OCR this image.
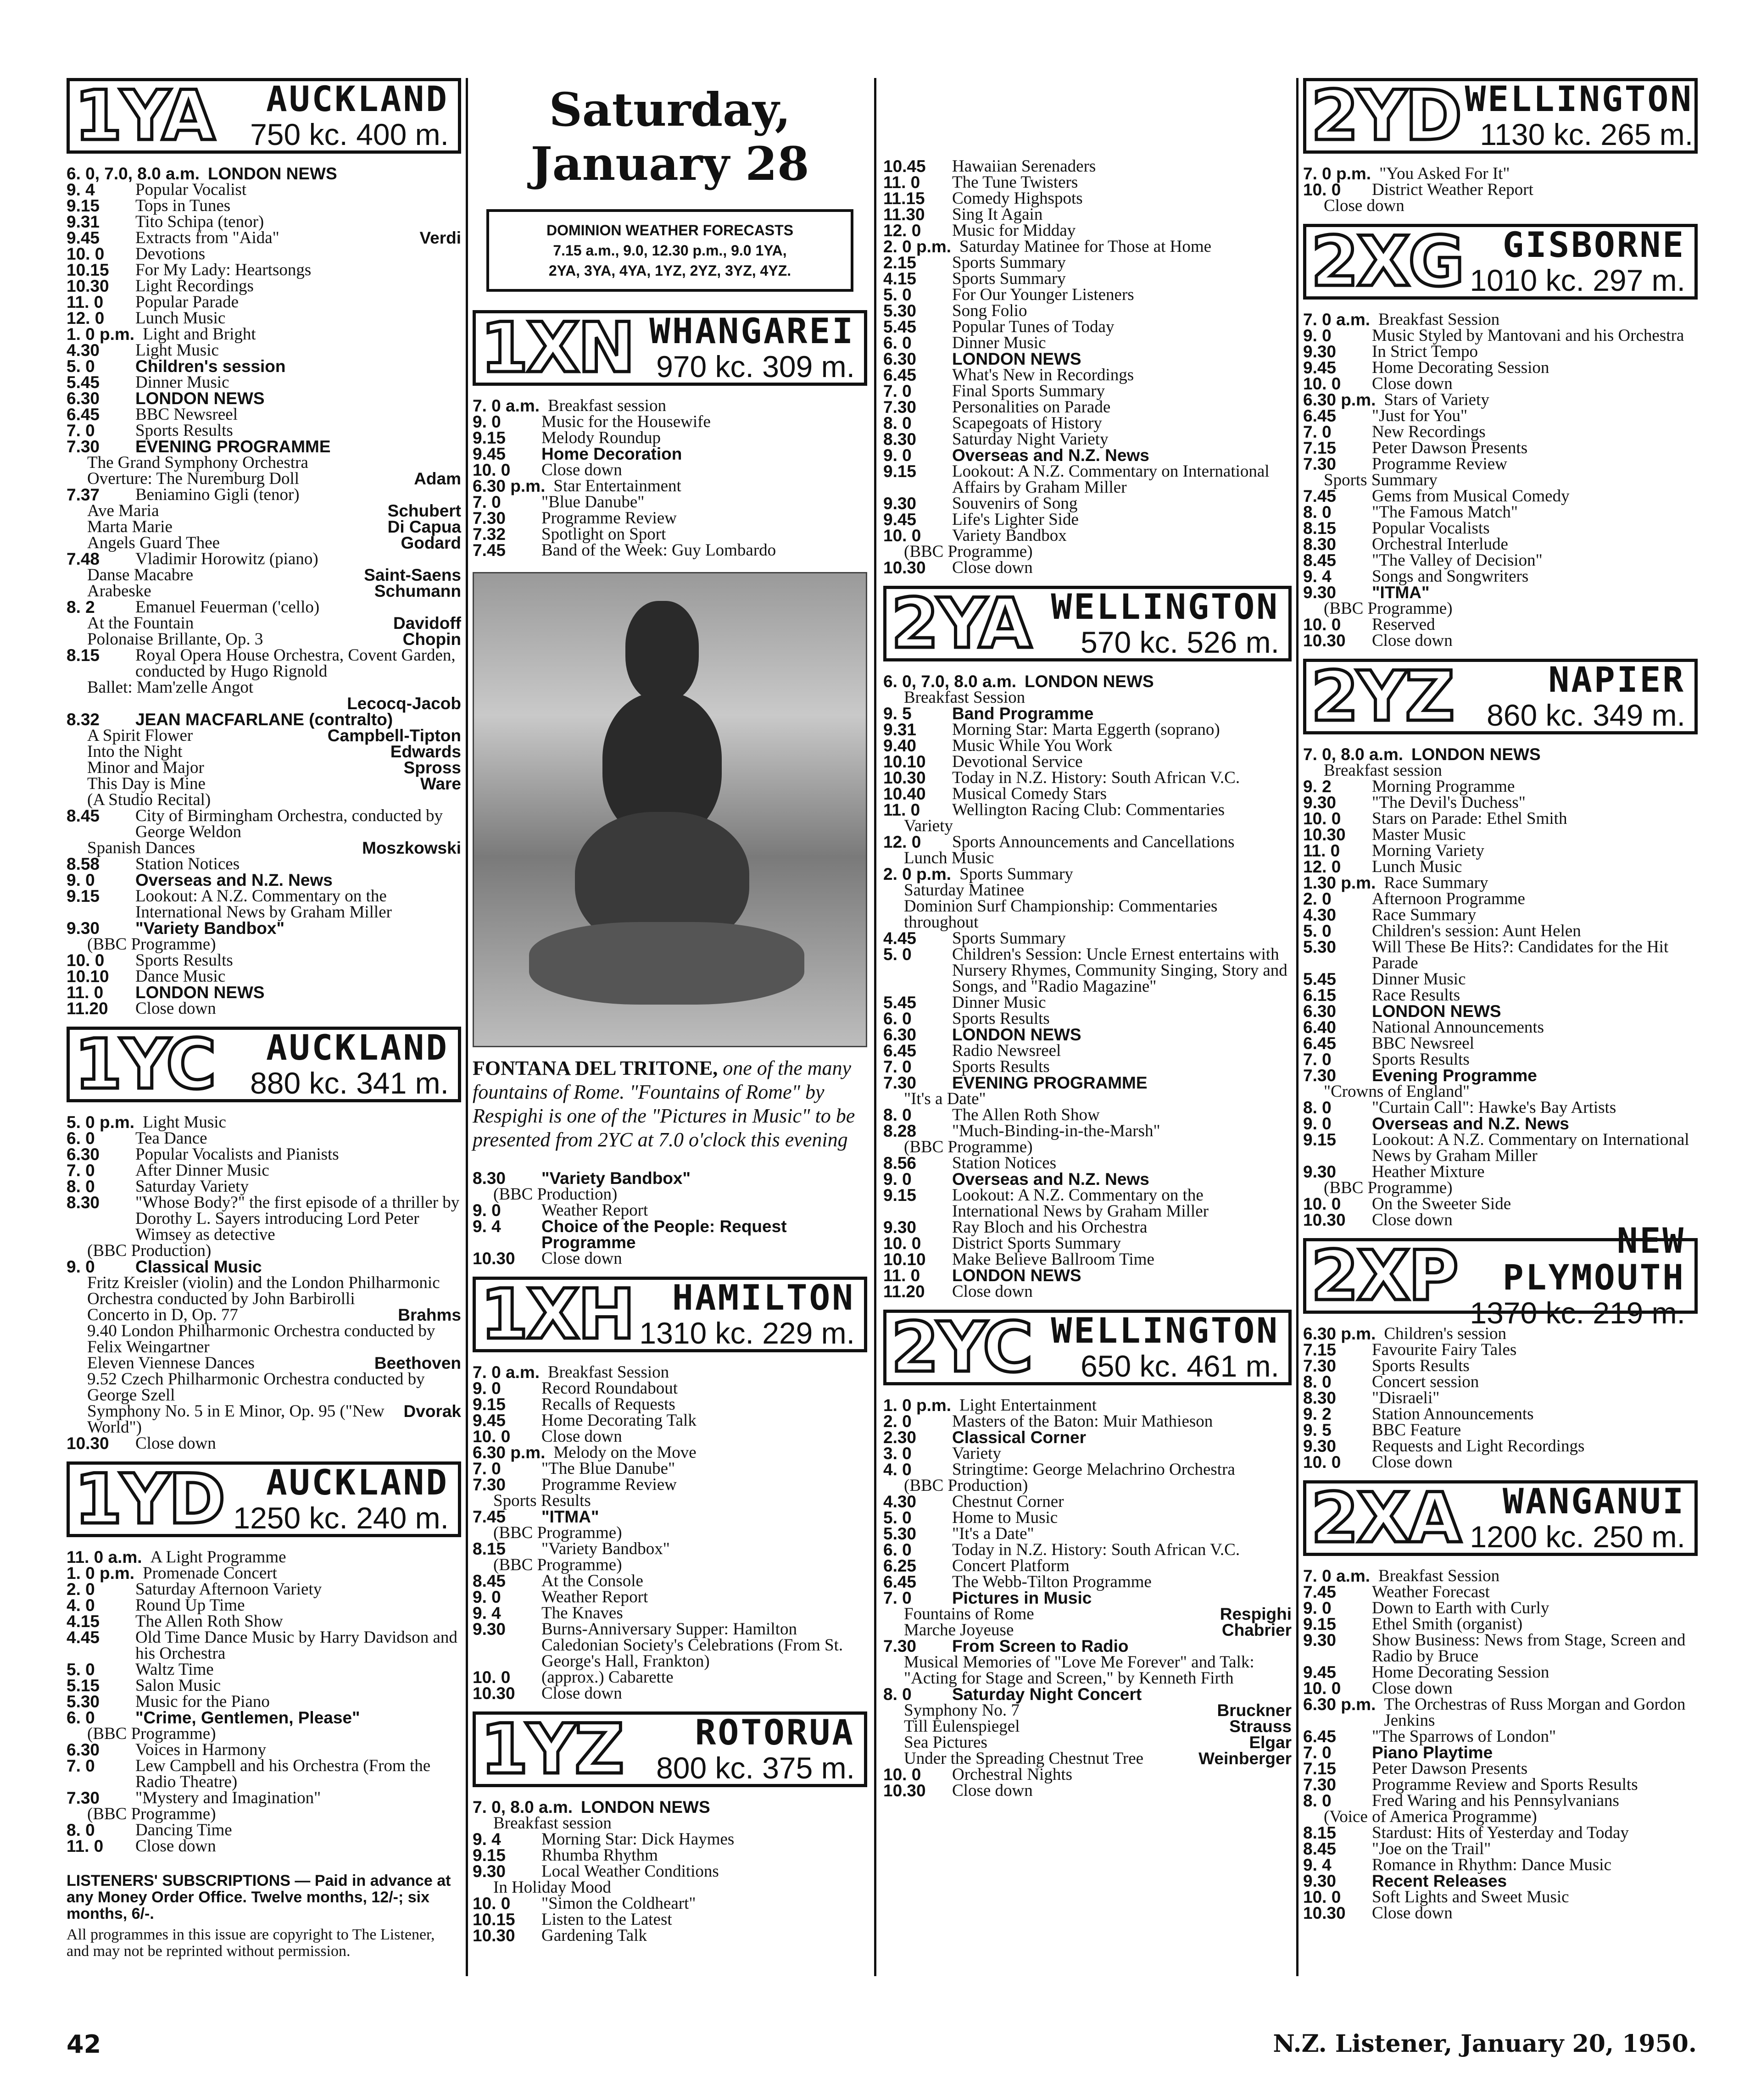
1YA	AUCKLAND
750 kc. 400 m.
6. 0, 7.0, 8.0 a.m. LONDON NEWS
9. 4	Popular Vocalist
9.15	Tops in Tunes
9.31	Tito Schipa (tenor)
9.45	Extracts from "Aida"	Verdi
10. 0	Devotions
10.15	For My Lady: Heartsongs
10.30	Light Recordings
11. 0	Popular Parade
12. 0	Lunch Music
1. 0 p.m. Light and Bright
4.30	Light Music
5. 0	Children's session
5.45	Dinner Music
6.30	LONDON NEWS
6.45	BBC Newsreel
7. 0	Sports Results
7.30	EVENING PROGRAMME
The Grand Symphony Orchestra
Overture: The Nuremburg Doll	Adam
7.37	Beniamino Gigli (tenor)
Ave Maria	Schubert
Marta Marie	Di Capua
Angels Guard Thee	Godard
7.48	Vladimir Horowitz (piano)
Danse Macabre	Saint-Saens
Arabeske	Schumann
8. 2	Emanuel Feuerman ('cello)
At the Fountain	Davidoff
Polonaise Brillante, Op. 3	Chopin
8.15	Royal Opera House Orchestra, Covent Garden, conducted by Hugo Rignold
Ballet: Mam'zelle Angot
Lecocq-Jacob
8.32	JEAN MACFARLANE (contralto)
A Spirit Flower	Campbell-Tipton
Into the Night	Edwards
Minor and Major	Spross
This Day is Mine	Ware
(A Studio Recital)
8.45	City of Birmingham Orchestra, conducted by George Weldon
Spanish Dances	Moszkowski
8.58	Station Notices
9. 0	Overseas and N.Z. News
9.15	Lookout: A N.Z. Commentary on the International News by Graham Miller
9.30	"Variety Bandbox"
(BBC Programme)
10. 0	Sports Results
10.10	Dance Music
11. 0	LONDON NEWS
11.20	Close down
1YC	AUCKLAND
880 kc. 341 m.
5. 0 p.m. Light Music
6. 0	Tea Dance
6.30	Popular Vocalists and Pianists
7. 0	After Dinner Music
8. 0	Saturday Variety
8.30	"Whose Body?" the first episode of a thriller by Dorothy L. Sayers introducing Lord Peter Wimsey as detective
(BBC Production)
9. 0	Classical Music
Fritz Kreisler (violin) and the London Philharmonic Orchestra conducted by John Barbirolli
Concerto in D, Op. 77	Brahms
9.40 London Philharmonic Orchestra conducted by Felix Weingartner
Eleven Viennese Dances	Beethoven
9.52 Czech Philharmonic Orchestra conducted by George Szell
Symphony No. 5 in E Minor, Op. 95 ("New World")
Dvorak
10.30	Close down
1YD	AUCKLAND
1250 kc. 240 m.
11. 0 a.m. A Light Programme
1. 0 p.m. Promenade Concert
2. 0	Saturday Afternoon Variety
4. 0	Round Up Time
4.15	The Allen Roth Show
4.45	Old Time Dance Music by Harry Davidson and his Orchestra
5. 0	Waltz Time
5.15	Salon Music
5.30	Music for the Piano
6. 0	"Crime, Gentlemen, Please"
(BBC Programme)
6.30	Voices in Harmony
7. 0	Lew Campbell and his Orchestra (From the Radio Theatre)
7.30	"Mystery and Imagination"
(BBC Programme)
8. 0	Dancing Time
11. 0	Close down
LISTENERS' SUBSCRIPTIONS — Paid in advance at any Money Order Office. Twelve months, 12/-; six months, 6/-.
All programmes in this issue are copyright to The Listener, and may not be reprinted without permission.
Saturday, January 28
DOMINION WEATHER FORECASTS
7.15 a.m., 9.0, 12.30 p.m., 9.0 1YA,
2YA, 3YA, 4YA, 1YZ, 2YZ, 3YZ, 4YZ.
1XN WHANGAREI
970 kc. 309 m.
7. 0 a.m. Breakfast session
9. 0	Music for the Housewife
9.15	Melody Roundup
9.45	Home Decoration
10. 0	Close down
6.30 p.m. Star Entertainment
7. 0	"Blue Danube"
7.30	Programme Review
7.32	Spotlight on Sport
7.45	Band of the Week: Guy Lombardo
FONTANA DEL TRITONE, one of the many fountains of Rome. "Fountains of Rome" by Respighi is one of the "Pictures in Music" to be presented from 2YC at 7.0 o'clock this evening
8.30	"Variety Bandbox"
(BBC Production)
9. 0	Weather Report
9. 4	Choice of the People: Request Programme
10.30	Close down
1XH	HAMILTON
1310 kc. 229 m.
7. 0 a.m. Breakfast Session
9. 0	Record Roundabout
9.15	Recalls of Requests
9.45	Home Decorating Talk
10. 0	Close down
6.30 p.m. Melody on the Move
7. 0	"The Blue Danube"
7.30	Programme Review
Sports Results
7.45	"ITMA"
(BBC Programme)
8.15	"Variety Bandbox"
(BBC Programme)
8.45	At the Console
9. 0	Weather Report
9. 4	The Knaves
9.30	Burns-Anniversary Supper: Hamilton Caledonian Society's Celebrations (From St. George's Hall, Frankton)
10. 0	(approx.) Cabarette
10.30	Close down
1YZ	ROTORUA
800 kc. 375 m.
7. 0, 8.0 a.m. LONDON NEWS
Breakfast session
9. 4	Morning Star: Dick Haymes
9.15	Rhumba Rhythm
9.30	Local Weather Conditions
In Holiday Mood
10. 0	"Simon the Coldheart"
10.15	Listen to the Latest
10.30	Gardening Talk
10.45	Hawaiian Serenaders
11. 0	The Tune Twisters
11.15	Comedy Highspots
11.30	Sing It Again
12. 0	Music for Midday
2. 0 p.m. Saturday Matinee for Those at Home
2.15	Sports Summary
4.15	Sports Summary
5. 0	For Our Younger Listeners
5.30	Song Folio
5.45	Popular Tunes of Today
6. 0	Dinner Music
6.30	LONDON NEWS
6.45	What's New in Recordings
7. 0	Final Sports Summary
7.30	Personalities on Parade
8. 0	Scapegoats of History
8.30	Saturday Night Variety
9. 0	Overseas and N.Z. News
9.15	Lookout: A N.Z. Commentary on International Affairs by Graham Miller
9.30	Souvenirs of Song
9.45	Life's Lighter Side
10. 0	Variety Bandbox
(BBC Programme)
10.30	Close down
2YA WELLINGTON
570 kc. 526 m.
6. 0, 7.0, 8.0 a.m. LONDON NEWS
Breakfast Session
9. 5	Band Programme
9.31	Morning Star: Marta Eggerth (soprano)
9.40	Music While You Work
10.10	Devotional Service
10.30	Today in N.Z. History: South African V.C.
10.40	Musical Comedy Stars
11. 0	Wellington Racing Club: Commentaries
Variety
12. 0	Sports Announcements and Cancellations
Lunch Music
2. 0 p.m. Sports Summary
Saturday Matinee
Dominion Surf Championship: Commentaries throughout
4.45	Sports Summary
5. 0	Children's Session: Uncle Ernest entertains with Nursery Rhymes, Community Singing, Story and Songs, and "Radio Magazine"
5.45	Dinner Music
6. 0	Sports Results
6.30	LONDON NEWS
6.45	Radio Newsreel
7. 0	Sports Results
7.30	EVENING PROGRAMME
"It's a Date"
8. 0	The Allen Roth Show
8.28	"Much-Binding-in-the-Marsh"
(BBC Programme)
8.56	Station Notices
9. 0	Overseas and N.Z. News
9.15	Lookout: A N.Z. Commentary on the International News by Graham Miller
9.30	Ray Bloch and his Orchestra
10. 0	District Sports Summary
10.10	Make Believe Ballroom Time
11. 0	LONDON NEWS
11.20	Close down
2YC WELLINGTON
650 kc. 461 m.
1. 0 p.m. Light Entertainment
2. 0	Masters of the Baton: Muir Mathieson
2.30	Classical Corner
3. 0	Variety
4. 0	Stringtime: George Melachrino Orchestra
(BBC Production)
4.30	Chestnut Corner
5. 0	Home to Music
5.30	"It's a Date"
6. 0	Today in N.Z. History: South African V.C.
6.25	Concert Platform
6.45	The Webb-Tilton Programme
7. 0	Pictures in Music
Fountains of Rome	Respighi
Marche Joyeuse	Chabrier
7.30	From Screen to Radio
Musical Memories of "Love Me Forever" and Talk: "Acting for Stage and Screen," by Kenneth Firth
8. 0	Saturday Night Concert
Symphony No. 7	Bruckner
Till Eulenspiegel	Strauss
Sea Pictures	Elgar
Under the Spreading Chestnut Tree	Weinberger
10. 0	Orchestral Nights
10.30	Close down
2YD WELLINGTON
1130 kc. 265 m.
7. 0 p.m. "You Asked For It"
10. 0	District Weather Report
Close down
2XG	GISBORNE
1010 kc. 297 m.
7. 0 a.m. Breakfast Session
9. 0	Music Styled by Mantovani and his Orchestra
9.30	In Strict Tempo
9.45	Home Decorating Session
10. 0	Close down
6.30 p.m. Stars of Variety
6.45	"Just for You"
7. 0	New Recordings
7.15	Peter Dawson Presents
7.30	Programme Review
Sports Summary
7.45	Gems from Musical Comedy
8. 0	"The Famous Match"
8.15	Popular Vocalists
8.30	Orchestral Interlude
8.45	"The Valley of Decision"
9. 4	Songs and Songwriters
9.30	"ITMA"
(BBC Programme)
10. 0	Reserved
10.30	Close down
2YZ	NAPIER
860 kc. 349 m.
7. 0, 8.0 a.m. LONDON NEWS
Breakfast session
9. 2	Morning Programme
9.30	"The Devil's Duchess"
10. 0	Stars on Parade: Ethel Smith
10.30	Master Music
11. 0	Morning Variety
12. 0	Lunch Music
1.30 p.m. Race Summary
2. 0	Afternoon Programme
4.30	Race Summary
5. 0	Children's session: Aunt Helen
5.30	Will These Be Hits?: Candidates for the Hit Parade
5.45	Dinner Music
6.15	Race Results
6.30	LONDON NEWS
6.40	National Announcements
6.45	BBC Newsreel
7. 0	Sports Results
7.30	Evening Programme
"Crowns of England"
8. 0	"Curtain Call": Hawke's Bay Artists
9. 0	Overseas and N.Z. News
9.15	Lookout: A N.Z. Commentary on International News by Graham Miller
9.30	Heather Mixture
(BBC Programme)
10. 0	On the Sweeter Side
10.30	Close down
2XP	NEW PLYMOUTH
1370 kc. 219 m.
6.30 p.m. Children's session
7.15	Favourite Fairy Tales
7.30	Sports Results
8. 0	Concert session
8.30	"Disraeli"
9. 2	Station Announcements
9. 5	BBC Feature
9.30	Requests and Light Recordings
10. 0	Close down
2XA	WANGANUI
1200 kc. 250 m.
7. 0 a.m. Breakfast Session
7.45	Weather Forecast
9. 0	Down to Earth with Curly
9.15	Ethel Smith (organist)
9.30	Show Business: News from Stage, Screen and Radio by Bruce
9.45	Home Decorating Session
10. 0	Close down
6.30 p.m. The Orchestras of Russ Morgan and Gordon Jenkins
6.45	"The Sparrows of London"
7. 0	Piano Playtime
7.15	Peter Dawson Presents
7.30	Programme Review and Sports Results
8. 0	Fred Waring and his Pennsylvanians
(Voice of America Programme)
8.15	Stardust: Hits of Yesterday and Today
8.45	"Joe on the Trail"
9. 4	Romance in Rhythm: Dance Music
9.30	Recent Releases
10. 0	Soft Lights and Sweet Music
10.30	Close down
42	N.Z. Listener, January 20, 1950.
